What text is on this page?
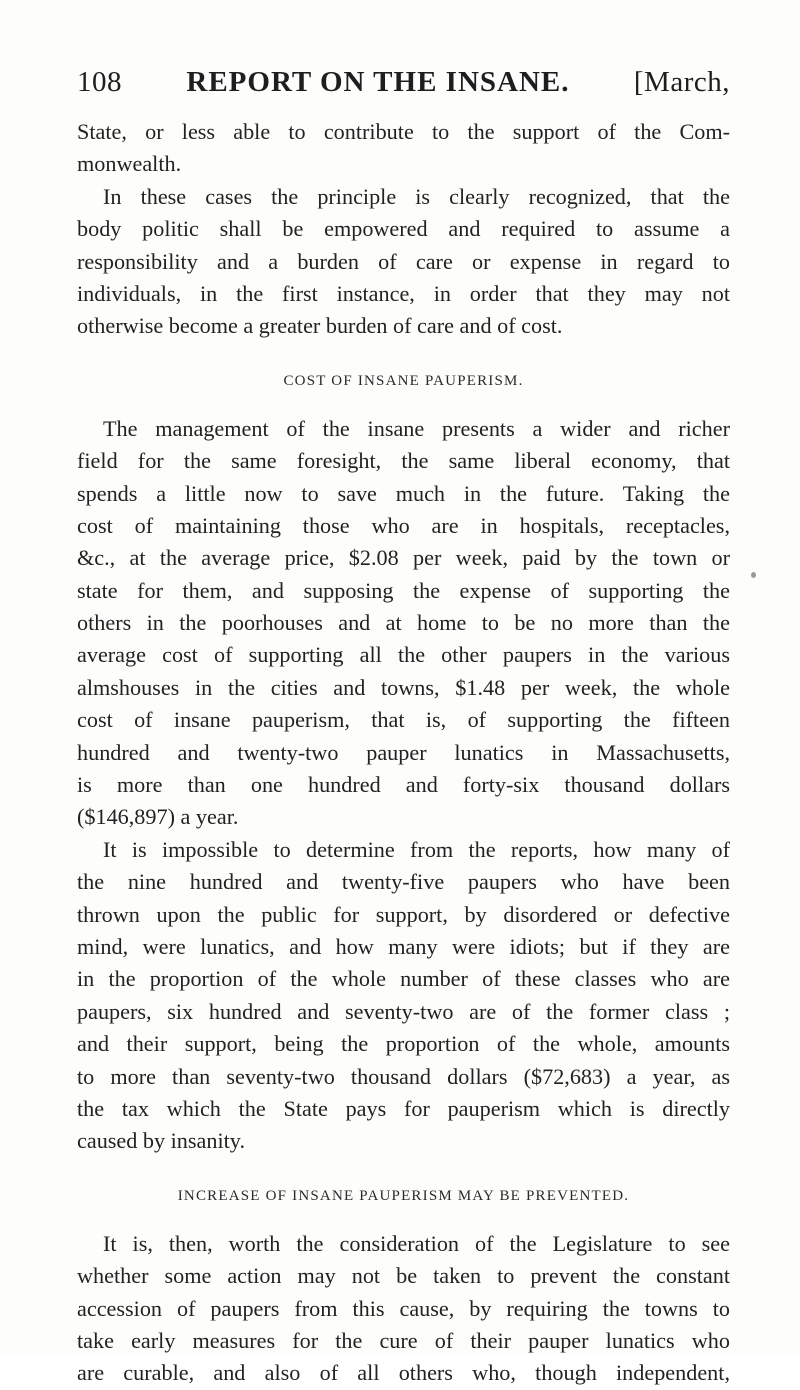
108 REPORT ON THE INSANE. [March,
State, or less able to contribute to the support of the Com-
monwealth.
In these cases the principle is clearly recognized, that the
body politic shall be empowered and required to assume a
responsibility and a burden of care or expense in regard to
individuals, in the first instance, in order that they may not
otherwise become a greater burden of care and of cost.
COST OF INSANE PAUPERISM.
The management of the insane presents a wider and richer
field for the same foresight, the same liberal economy, that
spends a little now to save much in the future. Taking the
cost of maintaining those who are in hospitals, receptacles,
&c., at the average price, $2.08 per week, paid by the town or
state for them, and supposing the expense of supporting the
others in the poorhouses and at home to be no more than the
average cost of supporting all the other paupers in the various
almshouses in the cities and towns, $1.48 per week, the whole
cost of insane pauperism, that is, of supporting the fifteen
hundred and twenty-two pauper lunatics in Massachusetts,
is more than one hundred and forty-six thousand dollars
($146,897) a year.
It is impossible to determine from the reports, how many of
the nine hundred and twenty-five paupers who have been
thrown upon the public for support, by disordered or defective
mind, were lunatics, and how many were idiots; but if they are
in the proportion of the whole number of these classes who are
paupers, six hundred and seventy-two are of the former class ;
and their support, being the proportion of the whole, amounts
to more than seventy-two thousand dollars ($72,683) a year, as
the tax which the State pays for pauperism which is directly
caused by insanity.
INCREASE OF INSANE PAUPERISM MAY BE PREVENTED.
It is, then, worth the consideration of the Legislature to see
whether some action may not be taken to prevent the constant
accession of paupers from this cause, by requiring the towns to
take early measures for the cure of their pauper lunatics who
are curable, and also of all others who, though independent,
